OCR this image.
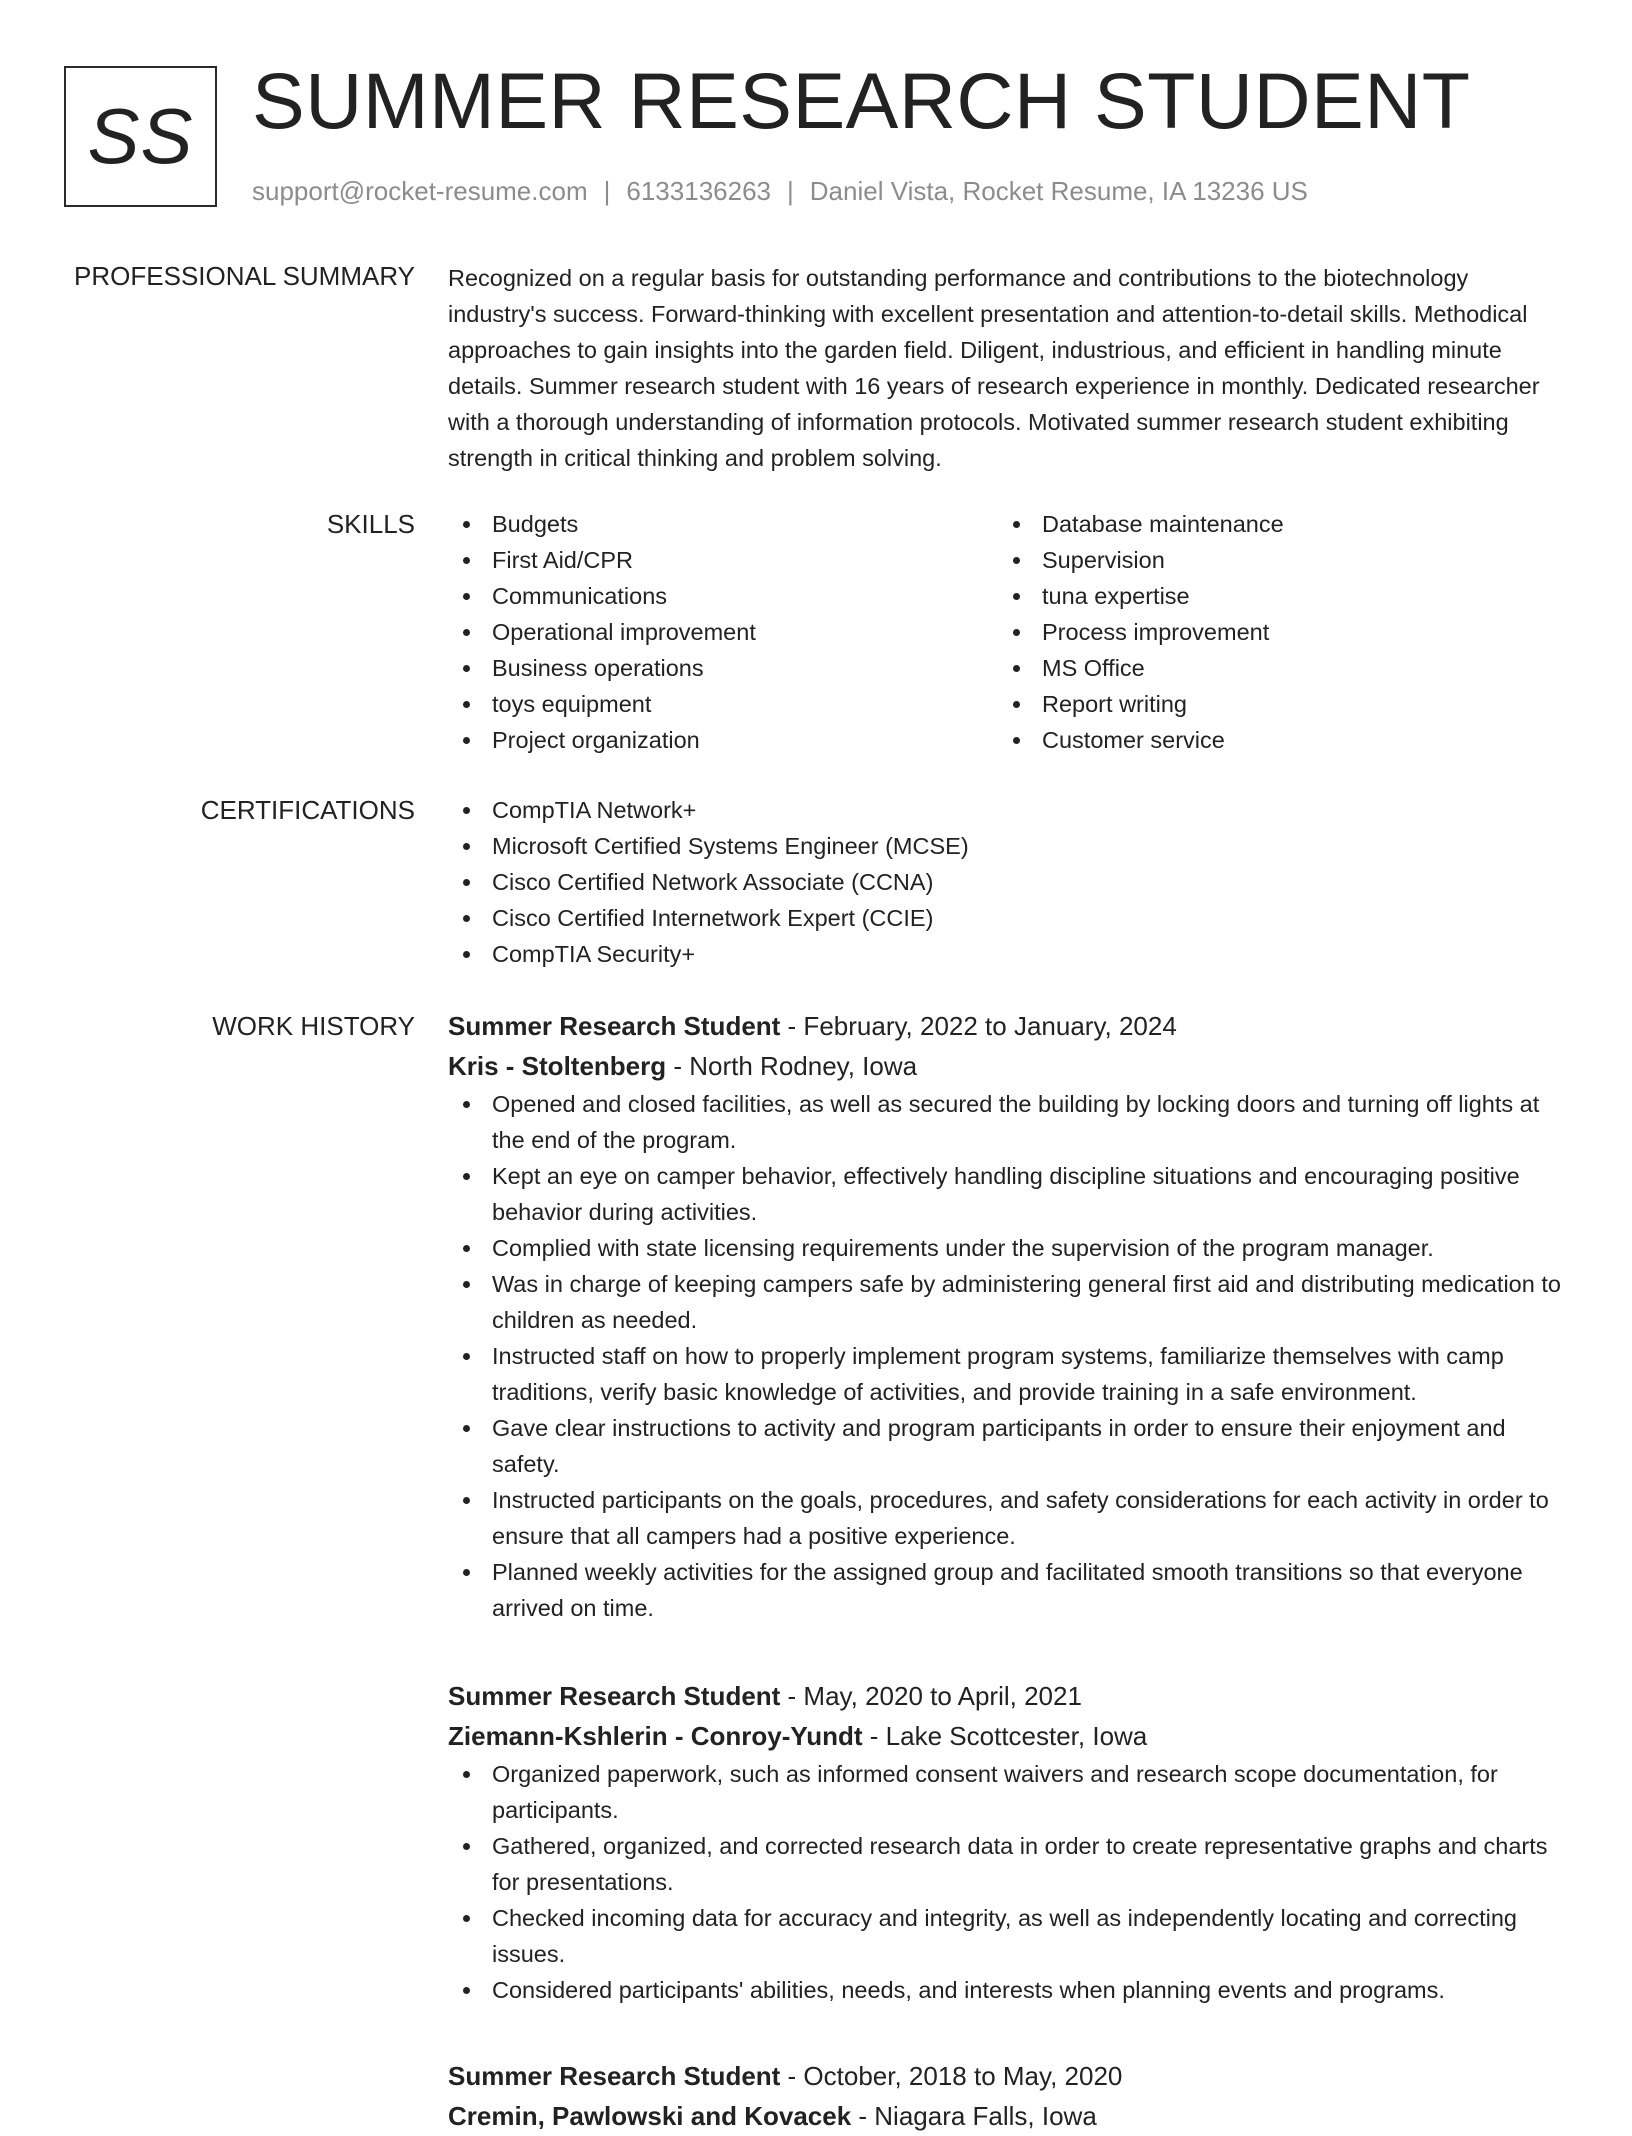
SS SUMMER RESEARCH STUDENT
support@rocket-resume.com | 6133136263 | Daniel Vista, Rocket Resume, IA 13236 US
PROFESSIONAL SUMMARY Recognized on a regular basis for outstanding performance and contributions to the biotechnology industry's success. Forward-thinking with excellent presentation and attention-to-detail skills. Methodical approaches to gain insights into the garden field. Diligent, industrious, and efficient in handling minute details. Summer research student with 16 years of research experience in monthly. Dedicated researcher with a thorough understanding of information protocols. Motivated summer research student exhibiting strength in critical thinking and problem solving.

SKILLS	Budgets
First Aid/CPR
Communications
Operational improvement
Business operations
toys equipment
Project organization
Database maintenance
Supervision
tuna expertise
Process improvement
MS Office
Report writing
Customer service
CERTIFICATIONS	CompTIA Network+
Microsoft Certified Systems Engineer (MCSE)
Cisco Certified Network Associate (CCNA)
Cisco Certified Internetwork Expert (CCIE)
CompTIA Security+
WORK HISTORY Summer Research Student - February, 2022 to January, 2024
Kris - Stoltenberg - North Rodney, Iowa
Opened and closed facilities, as well as secured the building by locking doors and turning off lights at the end of the program.
Kept an eye on camper behavior, effectively handling discipline situations and encouraging positive behavior during activities.
Complied with state licensing requirements under the supervision of the program manager.
Was in charge of keeping campers safe by administering general first aid and distributing medication to children as needed.
Instructed staff on how to properly implement program systems, familiarize themselves with camp traditions, verify basic knowledge of activities, and provide training in a safe environment.
Gave clear instructions to activity and program participants in order to ensure their enjoyment and safety.
Instructed participants on the goals, procedures, and safety considerations for each activity in order to ensure that all campers had a positive experience.
Planned weekly activities for the assigned group and facilitated smooth transitions so that everyone arrived on time.
Summer Research Student - May, 2020 to April, 2021
Ziemann-Kshlerin - Conroy-Yundt - Lake Scottcester, Iowa
Organized paperwork, such as informed consent waivers and research scope documentation, for participants.
Gathered, organized, and corrected research data in order to create representative graphs and charts for presentations.
Checked incoming data for accuracy and integrity, as well as independently locating and correcting issues.
Considered participants' abilities, needs, and interests when planning events and programs.
Summer Research Student - October, 2018 to May, 2020
Cremin, Pawlowski and Kovacek - Niagara Falls, Iowa
